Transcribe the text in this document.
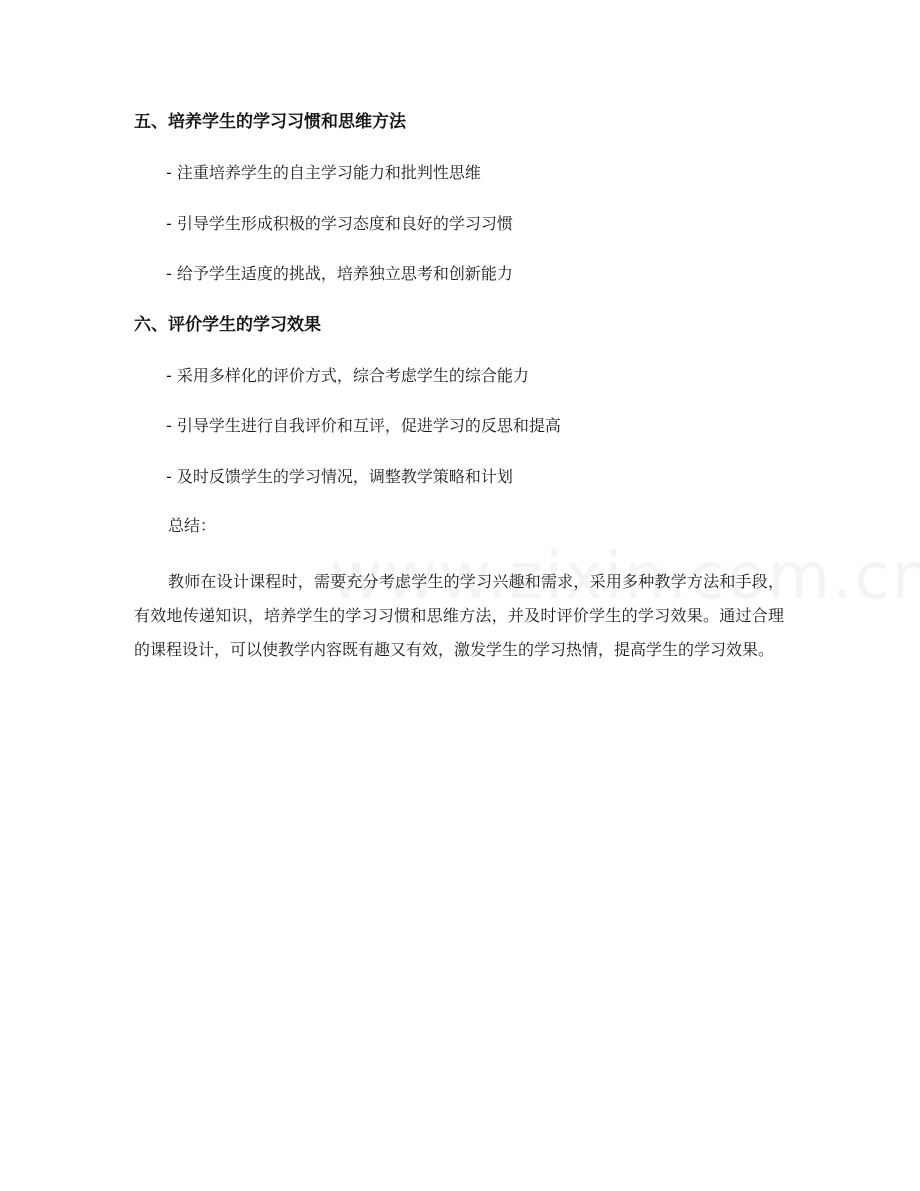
五、培养学生的学习习惯和思维方法
- 注重培养学生的自主学习能力和批判性思维
- 引导学生形成积极的学习态度和良好的学习习惯
- 给予学生适度的挑战，培养独立思考和创新能力
六、评价学生的学习效果
- 采用多样化的评价方式，综合考虑学生的综合能力
- 引导学生进行自我评价和互评，促进学习的反思和提高
- 及时反馈学生的学习情况，调整教学策略和计划
总结：
教师在设计课程时，需要充分考虑学生的学习兴趣和需求，采用多种教学方法和手段，有效地传递知识，培养学生的学习习惯和思维方法，并及时评价学生的学习效果。通过合理的课程设计，可以使教学内容既有趣又有效，激发学生的学习热情，提高学生的学习效果。
